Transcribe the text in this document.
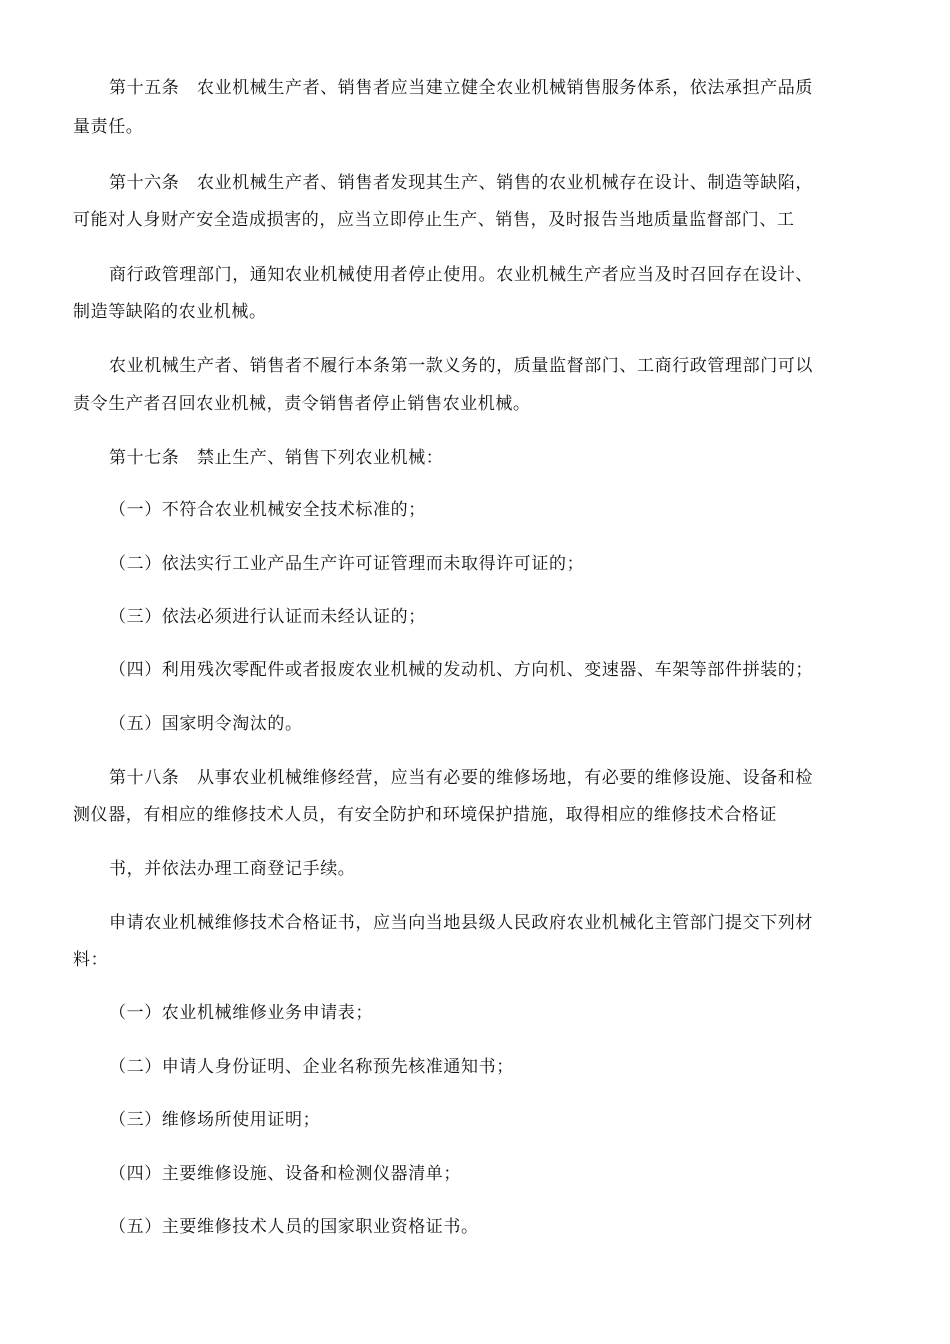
第十五条　农业机械生产者、销售者应当建立健全农业机械销售服务体系，依法承担产品质
量责任。
第十六条　农业机械生产者、销售者发现其生产、销售的农业机械存在设计、制造等缺陷，
可能对人身财产安全造成损害的，应当立即停止生产、销售，及时报告当地质量监督部门、工
商行政管理部门，通知农业机械使用者停止使用。农业机械生产者应当及时召回存在设计、
制造等缺陷的农业机械。
农业机械生产者、销售者不履行本条第一款义务的，质量监督部门、工商行政管理部门可以
责令生产者召回农业机械，责令销售者停止销售农业机械。
第十七条　禁止生产、销售下列农业机械：
（一）不符合农业机械安全技术标准的；
（二）依法实行工业产品生产许可证管理而未取得许可证的；
（三）依法必须进行认证而未经认证的；
（四）利用残次零配件或者报废农业机械的发动机、方向机、变速器、车架等部件拼装的；
（五）国家明令淘汰的。
第十八条　从事农业机械维修经营，应当有必要的维修场地，有必要的维修设施、设备和检
测仪器，有相应的维修技术人员，有安全防护和环境保护措施，取得相应的维修技术合格证
书，并依法办理工商登记手续。
申请农业机械维修技术合格证书，应当向当地县级人民政府农业机械化主管部门提交下列材
料：
（一）农业机械维修业务申请表；
（二）申请人身份证明、企业名称预先核准通知书；
（三）维修场所使用证明；
（四）主要维修设施、设备和检测仪器清单；
（五）主要维修技术人员的国家职业资格证书。
